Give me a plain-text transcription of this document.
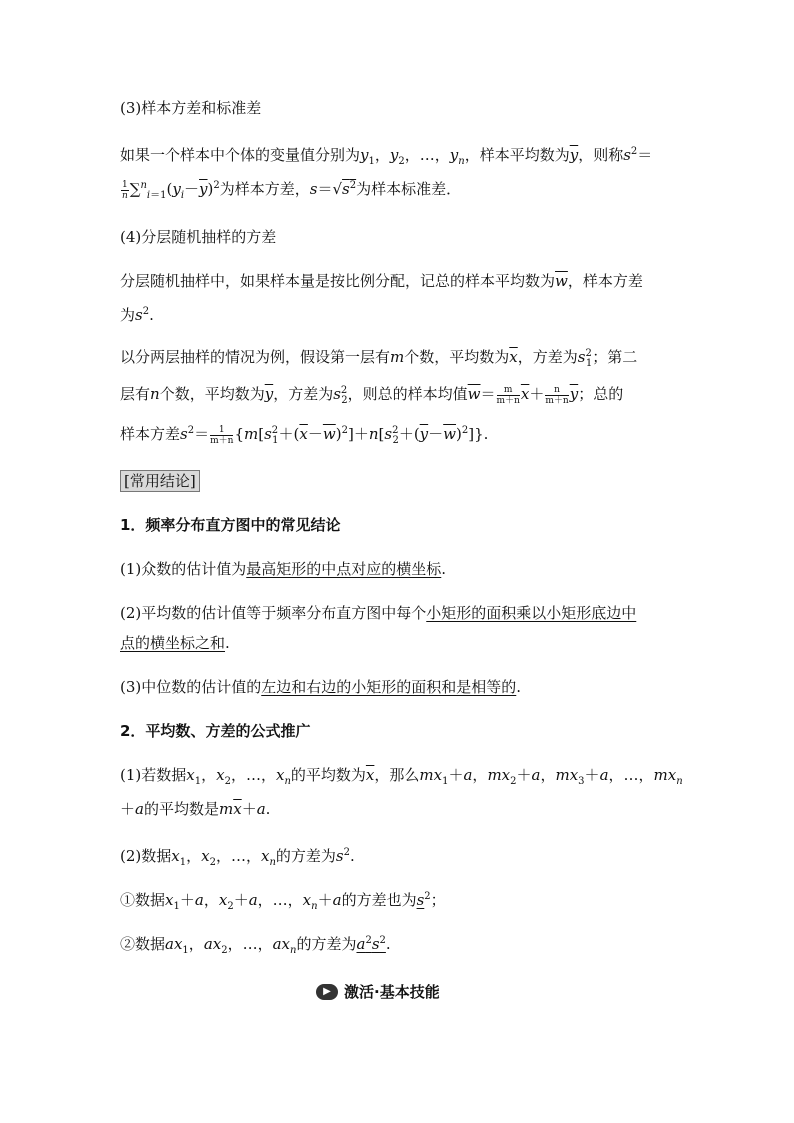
(3)样本方差和标准差
如果一个样本中个体的变量值分别为$y_1$，$y_2$，…，$y_n$，样本平均数为$\overline{y}$，则称$s^2=$
$\frac{1}{n} \sum^n_{i=1}(y_i-\overline{y})^2$为样本方差，$s=√s^2$为样本标准差．
(4)分层随机抽样的方差
分层随机抽样中，如果样本量是按比例分配，记总的样本平均数为$\overline{w}$，样本方差
为$s^2$.
以分两层抽样的情况为例，假设第一层有m个数，平均数为$\overline{x}$，方差为$s^2_1$；第二
层有n个数，平均数为$\overline{y}$，方差为$s^2_2$，则总的样本均值$\overline{w}= \frac{m}{m+n} \overline{x}+ \frac{n}{m+n} \overline{y}$；总的
样本方差$s^2= \frac{1}{m+n} \{m[s^2_1+(\overline{x}-\overline{w})^2]+n[s^2_2+(\overline{y}-\overline{w})^2]\}$.
[常用结论]
1．频率分布直方图中的常见结论
(1)众数的估计值为最高矩形的中点对应的横坐标.
(2)平均数的估计值等于频率分布直方图中每个小矩形的面积乘以小矩形底边中
点的横坐标之和.
(3)中位数的估计值的左边和右边的小矩形的面积和是相等的.
2．平均数、方差的公式推广
(1)若数据$x_1$，$x_2$，…，$x_n$的平均数为$\overline{x}$，那么$mx_1+a$，$mx_2+a$，$mx_3+a$，…，$mx_n$
＋a的平均数是$m\overline{x}+a$.
(2)数据$x_1$，$x_2$，…，$x_n$的方差为$s^2$.
①数据$x_1+a$，$x_2+a$，…，$x_n+a$的方差也为$s^2$；
②数据$ax_1$，$ax_2$，…，$ax_n$的方差为$a^2s^2$.
▶ 激活·基本技能
